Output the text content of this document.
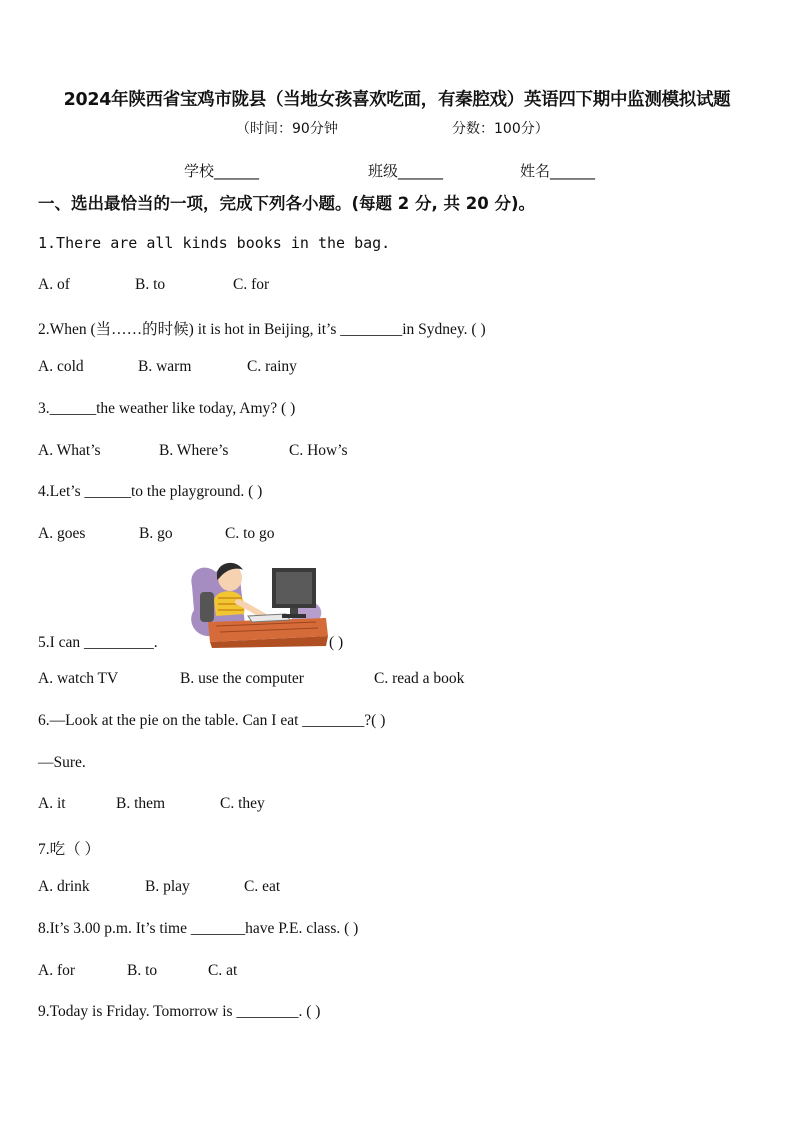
2024年陕西省宝鸡市陇县（当地女孩喜欢吃面，有秦腔戏）英语四下期中监测模拟试题
（时间：90分钟	分数：100分）
学校______	班级______	姓名______
一、选出最恰当的一项，完成下列各小题。(每题 2 分, 共 20 分)。
1.There are all kinds books in the bag.
A. of	B. to	C. for
2.When (当……的时候) it is hot in Beijing, it’s ________in Sydney. ( )
A. cold	B. warm	C. rainy
3.______the weather like today, Amy? ( )
A. What’s	B. Where’s	C. How’s
4.Let’s ______to the playground. ( )
A. goes	B. go	C. to go
5.I can _________.	( )
A. watch TV	B. use the computer	C. read a book
6.—Look at the pie on the table. Can I eat ________?( )
—Sure.
A. it	B. them	C. they
7.吃（ ）
A. drink	B. play	C. eat
8.It’s 3.00 p.m. It’s time _______have P.E. class. ( )
A. for	B. to	C. at
9.Today is Friday. Tomorrow is ________. ( )
